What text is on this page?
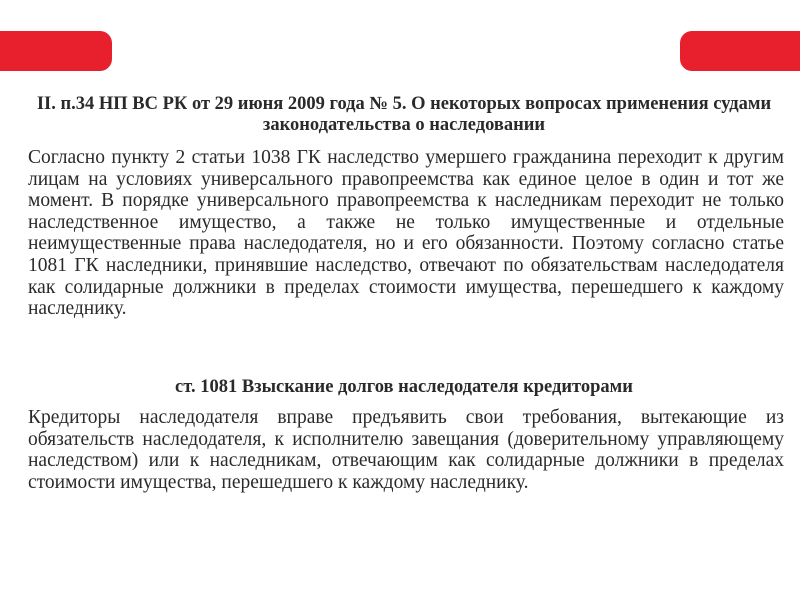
II. п.34 НП ВС РК от 29 июня 2009 года № 5. О некоторых вопросах применения судами законодательства о наследовании

Согласно пункту 2 статьи 1038 ГК наследство умершего гражданина переходит к другим лицам на условиях универсального правопреемства как единое целое в один и тот же момент. В порядке универсального правопреемства к наследникам переходит не только наследственное имущество, а также не только имущественные и отдельные неимущественные права наследодателя, но и его обязанности. Поэтому согласно статье 1081 ГК наследники, принявшие наследство, отвечают по обязательствам наследодателя как солидарные должники в пределах стоимости имущества, перешедшего к каждому наследнику.

ст. 1081 Взыскание долгов наследодателя кредиторами

Кредиторы наследодателя вправе предъявить свои требования, вытекающие из обязательств наследодателя, к исполнителю завещания (доверительному управляющему наследством) или к наследникам, отвечающим как солидарные должники в пределах стоимости имущества, перешедшего к каждому наследнику.
